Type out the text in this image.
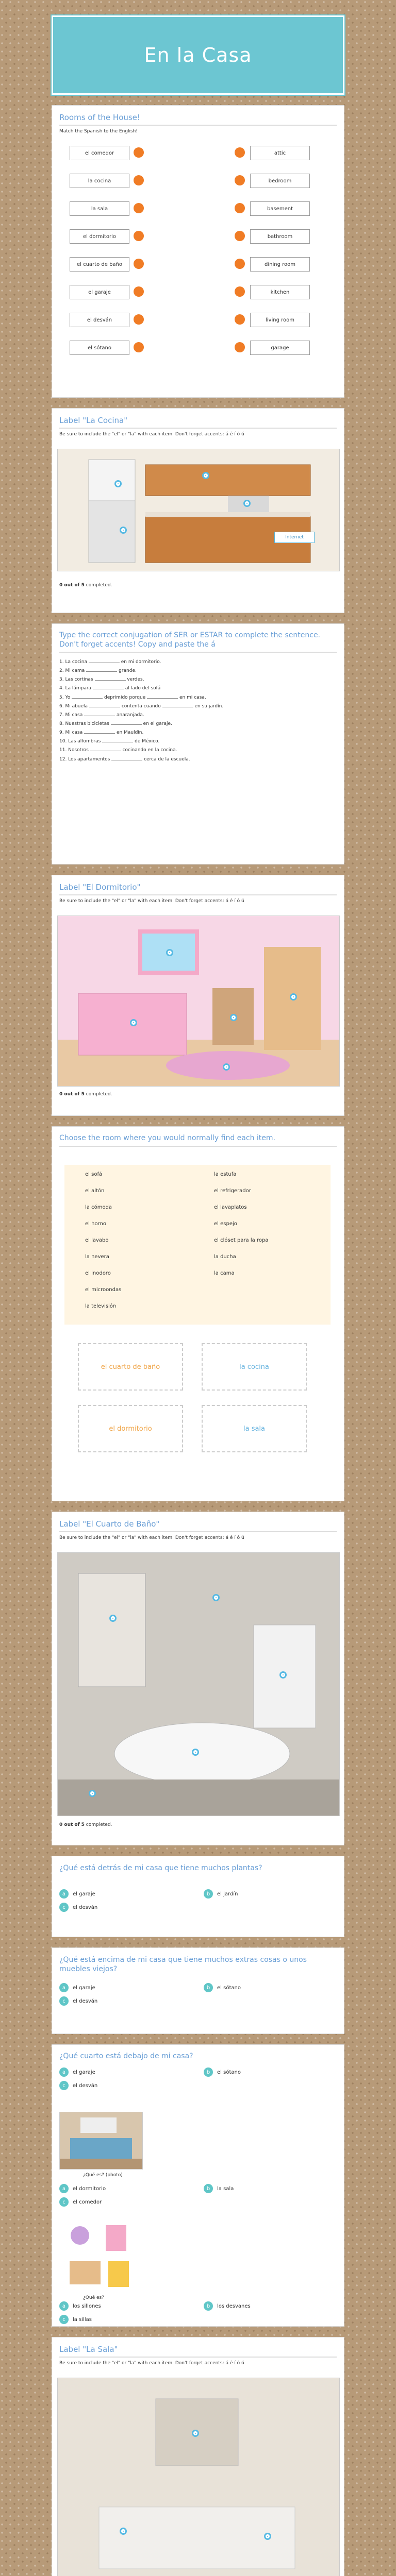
En la Casa
Rooms of the House!
Match the Spanish to the English!
el comedor	attic
la cocina	bedroom
la sala	basement
el dormitorio	bathroom
el cuarto de baño	dining room
el garaje	kitchen
el desván	living room
el sótano	garage
Label "La Cocina"
Be sure to include the "el" or "la" with each item. Don't forget accents: á é í ó ú
Internet
0 out of 5 completed.
Type the correct conjugation of SER or ESTAR to complete the sentence. Don't forget accents! Copy and paste the á
1. La cocina	en mi dormitorio.
2. Mi cama	grande.
3. Las cortinas	verdes.
4. La lámpara	al lado del sofá
5. Yo	deprimido porque	en mi casa.
6. Mi abuela	contenta cuando	en su jardín.
7. Mi casa	anaranjada.
8. Nuestras bicicletas	en el garaje.
9. Mi casa	en Mauldin.
10. Las alfombras	de México.
11. Nosotros	cocinando en la cocina.
12. Los apartamentos	cerca de la escuela.
Label "El Dormitorio"
Be sure to include the "el" or "la" with each item. Don't forget accents: á é í ó ú
0 out of 5 completed.
Choose the room where you would normally find each item.
el sofá
el altón
la cómoda
el horno
el lavabo
la nevera
el inodoro
el microondas
la televisión
la estufa
el refrigerador
el lavaplatos
el espejo
el clóset para la ropa
la ducha
la cama
el cuarto de baño	la cocina
el dormitorio	la sala
Label "El Cuarto de Baño"
Be sure to include the "el" or "la" with each item. Don't forget accents: á é í ó ú
0 out of 5 completed.
¿Qué está detrás de mi casa que tiene muchos plantas?
a	el garaje	b	el jardín
c	el desván
¿Qué está encima de mi casa que tiene muchos extras cosas o unos muebles viejos?
a	el garaje	b	el sótano
c	el desván
¿Qué cuarto está debajo de mi casa?
¿Qué es? (photo)
¿Qué es?
a	el garaje	b	el sótano
c	el desván
a	el dormitorio	b	la sala
c	el comedor
a	los sillones	b	los desvanes
c	la sillas
Label "La Sala"
Be sure to include the "el" or "la" with each item. Don't forget accents: á é í ó ú
